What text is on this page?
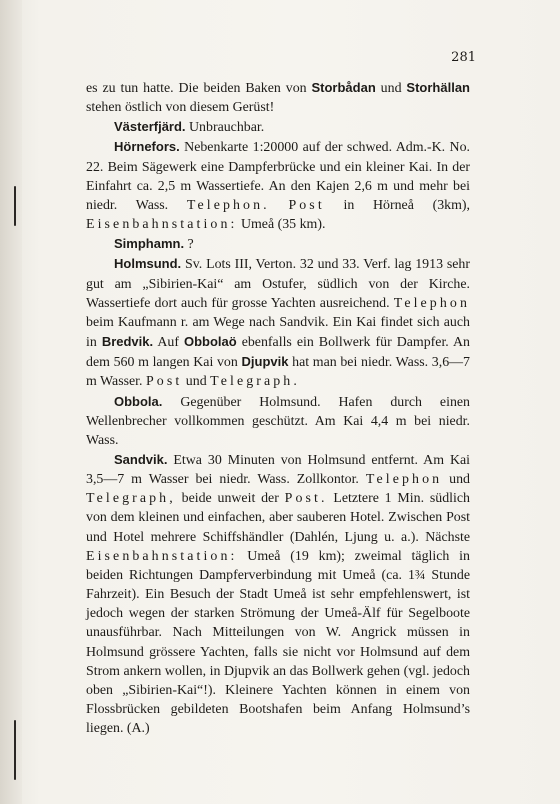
281

es zu tun hatte. Die beiden Baken von Storbådan und Storhällan stehen östlich von diesem Gerüst!

Västerfjärd. Unbrauchbar.

Hörnefors. Nebenkarte 1:20000 auf der schwed. Adm.-K. No. 22. Beim Sägewerk eine Dampferbrücke und ein kleiner Kai. In der Einfahrt ca. 2,5 m Wassertiefe. An den Kajen 2,6 m und mehr bei niedr. Wass. Telephon. Post in Hörneå (3km), Eisenbahnstation: Umeå (35 km).

Simphamn. ?

Holmsund. Sv. Lots III, Verton. 32 und 33. Verf. lag 1913 sehr gut am „Sibirien-Kai“ am Ostufer, südlich von der Kirche. Wassertiefe dort auch für grosse Yachten ausreichend. Telephon beim Kaufmann r. am Wege nach Sandvik. Ein Kai findet sich auch in Bredvik. Auf Obbolaö ebenfalls ein Bollwerk für Dampfer. An dem 560 m langen Kai von Djupvik hat man bei niedr. Wass. 3,6—7 m Wasser. Post und Telegraph.

Obbola. Gegenüber Holmsund. Hafen durch einen Wellenbrecher vollkommen geschützt. Am Kai 4,4 m bei niedr. Wass.

Sandvik. Etwa 30 Minuten von Holmsund entfernt. Am Kai 3,5—7 m Wasser bei niedr. Wass. Zollkontor. Telephon und Telegraph, beide unweit der Post. Letztere 1 Min. südlich von dem kleinen und einfachen, aber sauberen Hotel. Zwischen Post und Hotel mehrere Schiffshändler (Dahlén, Ljung u. a.). Nächste Eisenbahnstation: Umeå (19 km); zweimal täglich in beiden Richtungen Dampferverbindung mit Umeå (ca. 1¾ Stunde Fahrzeit). Ein Besuch der Stadt Umeå ist sehr empfehlenswert, ist jedoch wegen der starken Strömung der Umeå-Älf für Segelboote unausführbar. Nach Mitteilungen von W. Angrick müssen in Holmsund grössere Yachten, falls sie nicht vor Holmsund auf dem Strom ankern wollen, in Djupvik an das Bollwerk gehen (vgl. jedoch oben „Sibirien-Kai“!). Kleinere Yachten können in einem von Flossbrücken gebildeten Bootshafen beim Anfang Holmsund’s liegen. (A.)
